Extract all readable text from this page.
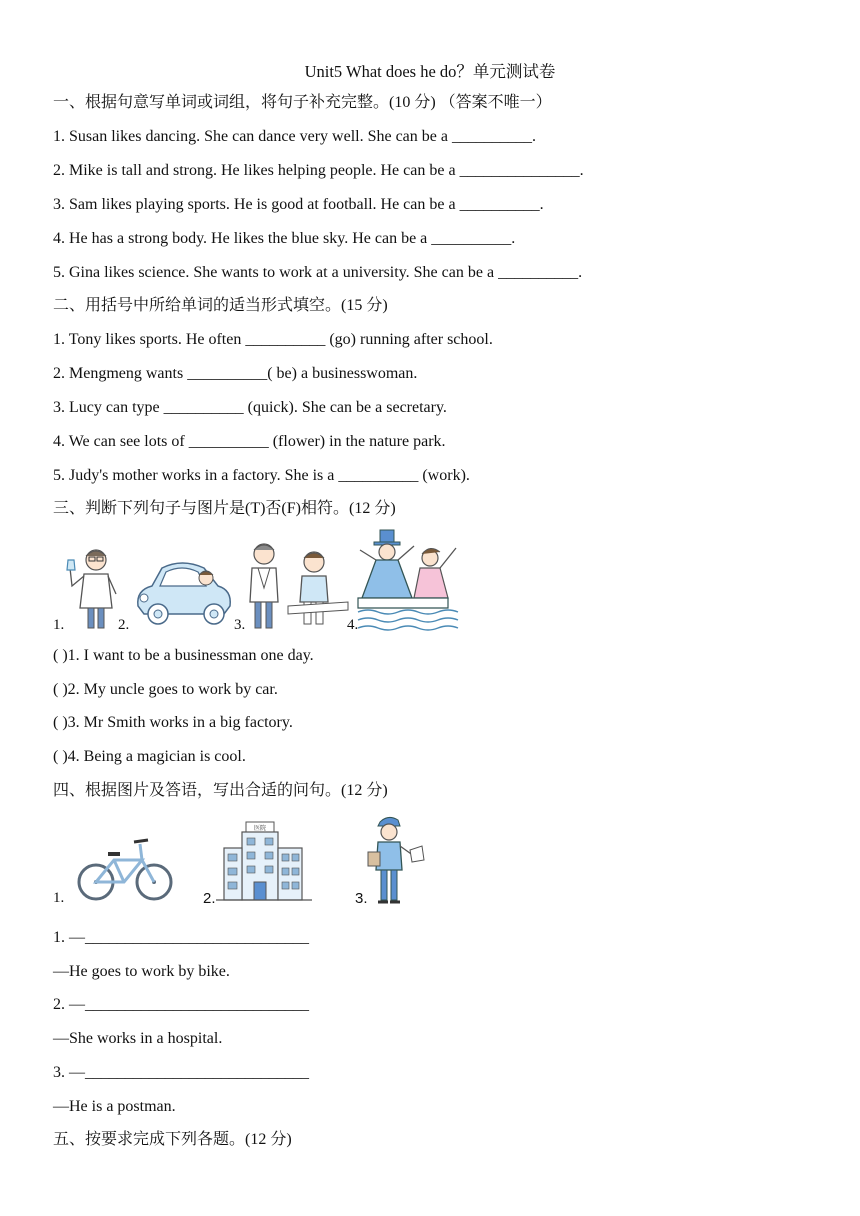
Unit5 What does he do？单元测试卷
一、根据句意写单词或词组，将句子补充完整。(10 分) （答案不唯一）
1. Susan likes dancing. She can dance very well. She can be a __________.
2. Mike is tall and strong. He likes helping people. He can be a _______________.
3. Sam likes playing sports. He is good at football. He can be a __________.
4. He has a strong body. He likes the blue sky. He can be a __________.
5. Gina likes science. She wants to work at a university. She can be a __________.
二、用括号中所给单词的适当形式填空。(15 分)
1. Tony likes sports. He often __________ (go) running after school.
2. Mengmeng wants __________( be) a businesswoman.
3. Lucy can type __________ (quick). She can be a secretary.
4. We can see lots of __________ (flower) in the nature park.
5. Judy's mother works in a factory. She is a __________ (work).
三、判断下列句子与图片是(T)否(F)相符。(12 分)
1.	2.	3.	4.
( )1. I want to be a businessman one day.
( )2. My uncle goes to work by car.
( )3. Mr Smith works in a big factory.
( )4. Being a magician is cool.
四、根据图片及答语，写出合适的问句。(12 分)
1.	2.	3.
医院
1. —____________________________
—He goes to work by bike.
2. —____________________________
—She works in a hospital.
3. —____________________________
—He is a postman.
五、按要求完成下列各题。(12 分)
